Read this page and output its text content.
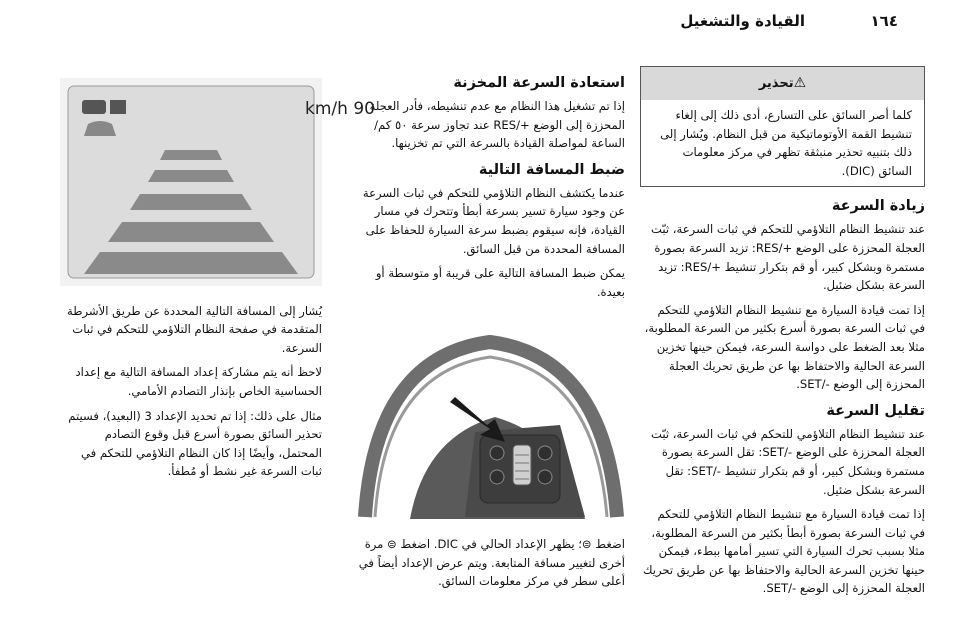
القيادة والتشغيل	١٦٤
⚠تحذير
كلما أصر السائق على التسارع، أدى ذلك إلى إلغاء تنشيط القمة الأوتوماتيكية من قبل النظام. ويُشار إلى ذلك بتنبيه تحذير منبثقة تظهر في مركز معلومات السائق (DIC).
زيادة السرعة

عند تنشيط النظام التلاؤمي للتحكم في ثبات السرعة، ثبّت العجلة المحززة على الوضع +/RES: تزيد السرعة بصورة مستمرة وبشكل كبير، أو قم بتكرار تنشيط +/RES: تزيد السرعة بشكل ضئيل.

إذا تمت قيادة السيارة مع تنشيط النظام التلاؤمي للتحكم في ثبات السرعة بصورة أسرع بكثير من السرعة المطلوبة، مثلا بعد الضغط على دواسة السرعة، فيمكن حينها تخزين السرعة الحالية والاحتفاظ بها عن طريق تحريك العجلة المحززة إلى الوضع -/SET.

تقليل السرعة

عند تنشيط النظام التلاؤمي للتحكم في ثبات السرعة، ثبّت العجلة المحززة على الوضع -/SET: تقل السرعة بصورة مستمرة وبشكل كبير، أو قم بتكرار تنشيط -/SET: تقل السرعة بشكل ضئيل.

إذا تمت قيادة السيارة مع تنشيط النظام التلاؤمي للتحكم في ثبات السرعة بصورة أبطأ بكثير من السرعة المطلوبة، مثلا بسبب تحرك السيارة التي تسير أمامها ببطء، فيمكن حينها تخزين السرعة الحالية والاحتفاظ بها عن طريق تحريك العجلة المحززة إلى الوضع -/SET.

استعادة السرعة المخزنة

إذا تم تشغيل هذا النظام مع عدم تنشيطه، فأدر العجلة المحززة إلى الوضع +/RES عند تجاوز سرعة ٥٠ كم/الساعة لمواصلة القيادة بالسرعة التي تم تخزينها.

ضبط المسافة التالية

عندما يكتشف النظام التلاؤمي للتحكم في ثبات السرعة عن وجود سيارة تسير بسرعة أبطأ وتتحرك في مسار القيادة، فإنه سيقوم بضبط سرعة السيارة للحفاظ على المسافة المحددة من قبل السائق.

يمكن ضبط المسافة التالية على قريبة أو متوسطة أو بعيدة.

اضغط ⊜؛ يظهر الإعداد الحالي في DIC. اضغط ⊜ مرة أخرى لتغيير مسافة المتابعة. ويتم عرض الإعداد أيضاً في أعلى سطر في مركز معلومات السائق.

90 km/h

يُشار إلى المسافة التالية المحددة عن طريق الأشرطة المتقدمة في صفحة النظام التلاؤمي للتحكم في ثبات السرعة.

لاحظ أنه يتم مشاركة إعداد المسافة التالية مع إعداد الحساسية الخاص بإنذار التصادم الأمامي.

مثال على ذلك: إذا تم تحديد الإعداد 3 (البعيد)، فسيتم تحذير السائق بصورة أسرع قبل وقوع التصادم المحتمل، وأيضًا إذا كان النظام التلاؤمي للتحكم في ثبات السرعة غير نشط أو مُطفأ.
